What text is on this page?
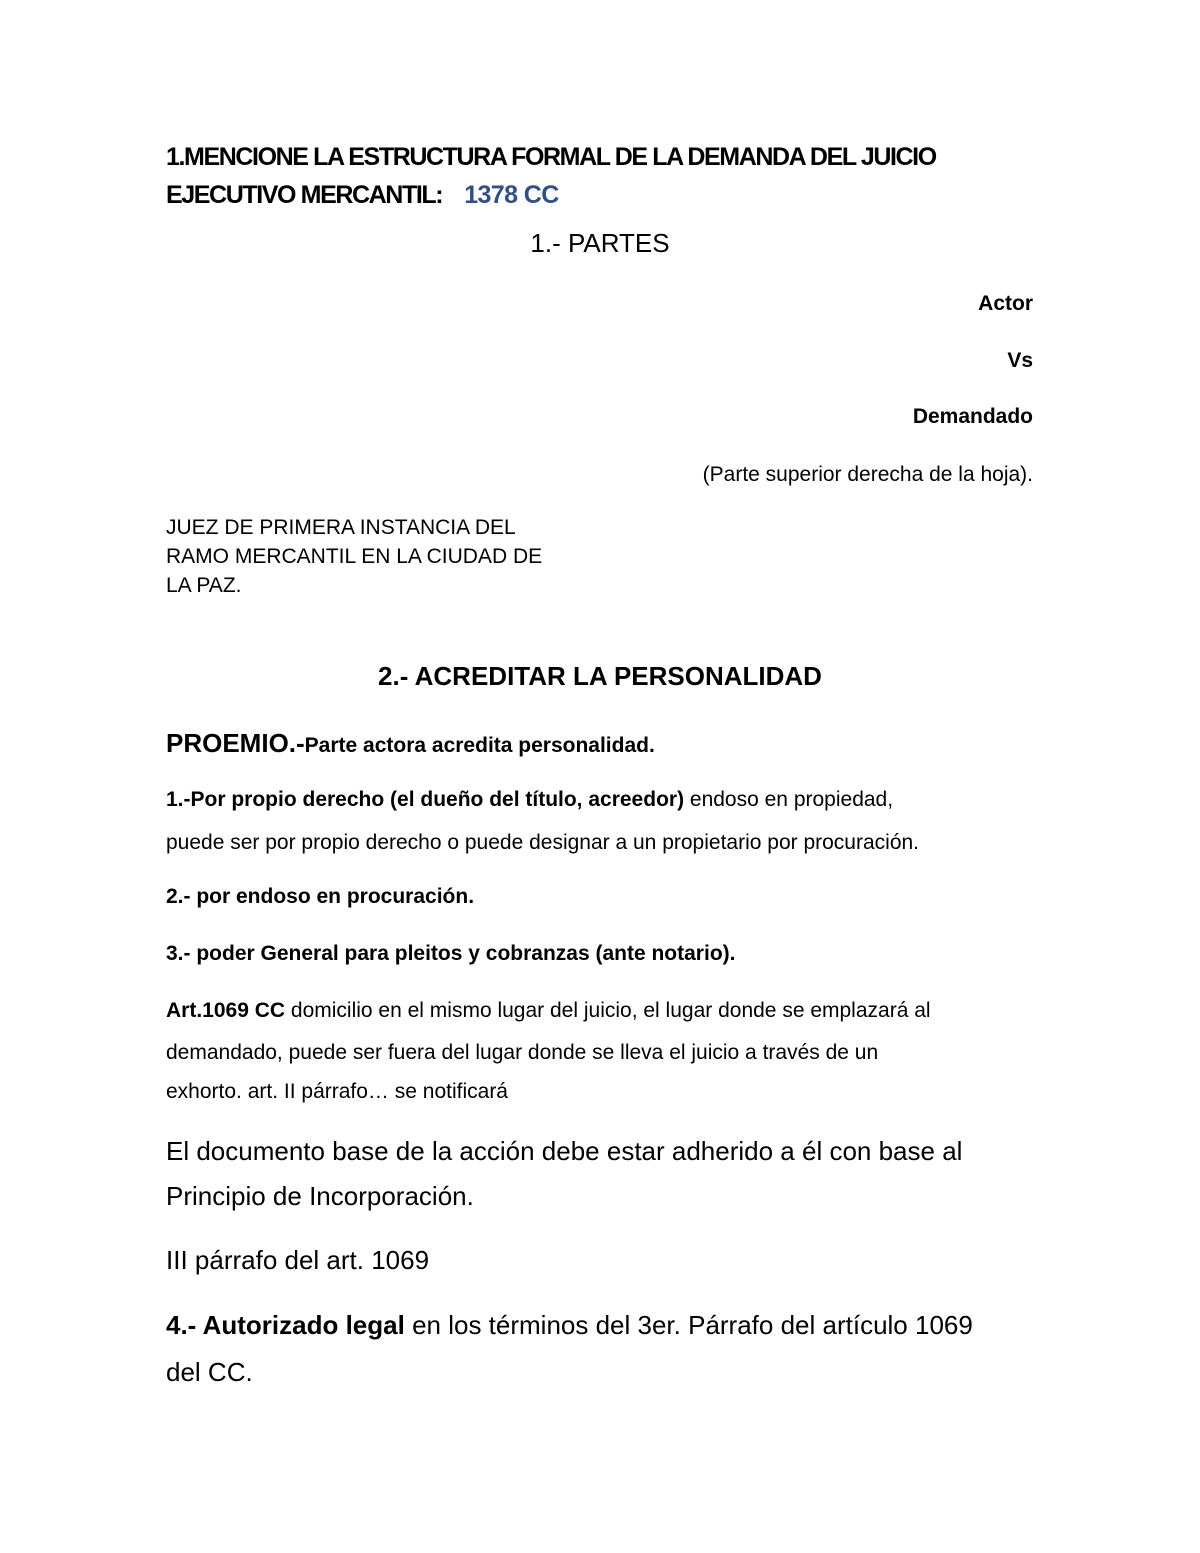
1.MENCIONE LA ESTRUCTURA FORMAL DE LA DEMANDA DEL JUICIO
EJECUTIVO MERCANTIL: 1378 CC
1.- PARTES
Actor
Vs
Demandado
(Parte superior derecha de la hoja).
JUEZ DE PRIMERA INSTANCIA DEL
RAMO MERCANTIL EN LA CIUDAD DE
LA PAZ.
2.- ACREDITAR LA PERSONALIDAD
PROEMIO.-Parte actora acredita personalidad.
1.-Por propio derecho (el dueño del título, acreedor) endoso en propiedad,
puede ser por propio derecho o puede designar a un propietario por procuración.
2.- por endoso en procuración.
3.- poder General para pleitos y cobranzas (ante notario).
Art.1069 CC domicilio en el mismo lugar del juicio, el lugar donde se emplazará al
demandado, puede ser fuera del lugar donde se lleva el juicio a través de un
exhorto. art. II párrafo… se notificará
El documento base de la acción debe estar adherido a él con base al
Principio de Incorporación.
III párrafo del art. 1069
4.- Autorizado legal en los términos del 3er. Párrafo del artículo 1069
del CC.
